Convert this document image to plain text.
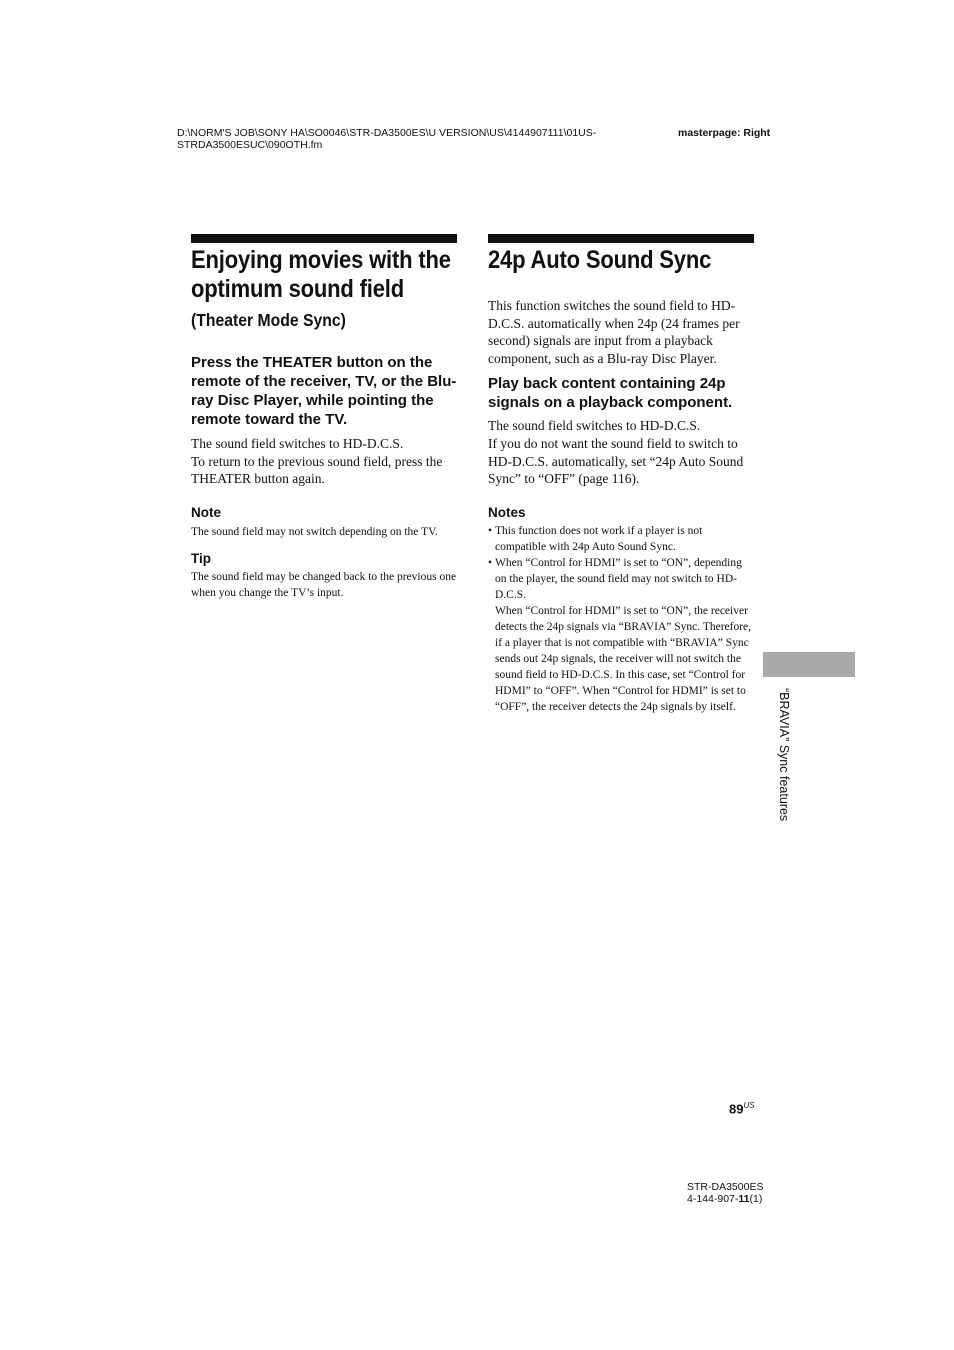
D:\NORM'S JOB\SONY HA\SO0046\STR-DA3500ES\U VERSION\US\4144907111\01US-STRDA3500ESUC\090OTH.fm
masterpage: Right
Enjoying movies with the optimum sound field
(Theater Mode Sync)

Press the THEATER button on the remote of the receiver, TV, or the Blu-ray Disc Player, while pointing the remote toward the TV.

The sound field switches to HD-D.C.S.

To return to the previous sound field, press the THEATER button again.

Note

The sound field may not switch depending on the TV.

Tip

The sound field may be changed back to the previous one when you change the TV’s input.

24p Auto Sound Sync

This function switches the sound field to HD-D.C.S. automatically when 24p (24 frames per second) signals are input from a playback component, such as a Blu-ray Disc Player.

Play back content containing 24p signals on a playback component.

The sound field switches to HD-D.C.S.

If you do not want the sound field to switch to HD-D.C.S. automatically, set “24p Auto Sound Sync” to “OFF” (page 116).

Notes

• This function does not work if a player is not compatible with 24p Auto Sound Sync.
• When “Control for HDMI” is set to “ON”, depending on the player, the sound field may not switch to HD-D.C.S.
When “Control for HDMI” is set to “ON”, the receiver detects the 24p signals via “BRAVIA” Sync. Therefore, if a player that is not compatible with “BRAVIA” Sync sends out 24p signals, the receiver will not switch the sound field to HD-D.C.S. In this case, set “Control for HDMI” to “OFF”. When “Control for HDMI” is set to “OFF”, the receiver detects the 24p signals by itself.	“BRAVIA” Sync features
$89^{US}$
STR-DA3500ES
4-144-907-11(1)
